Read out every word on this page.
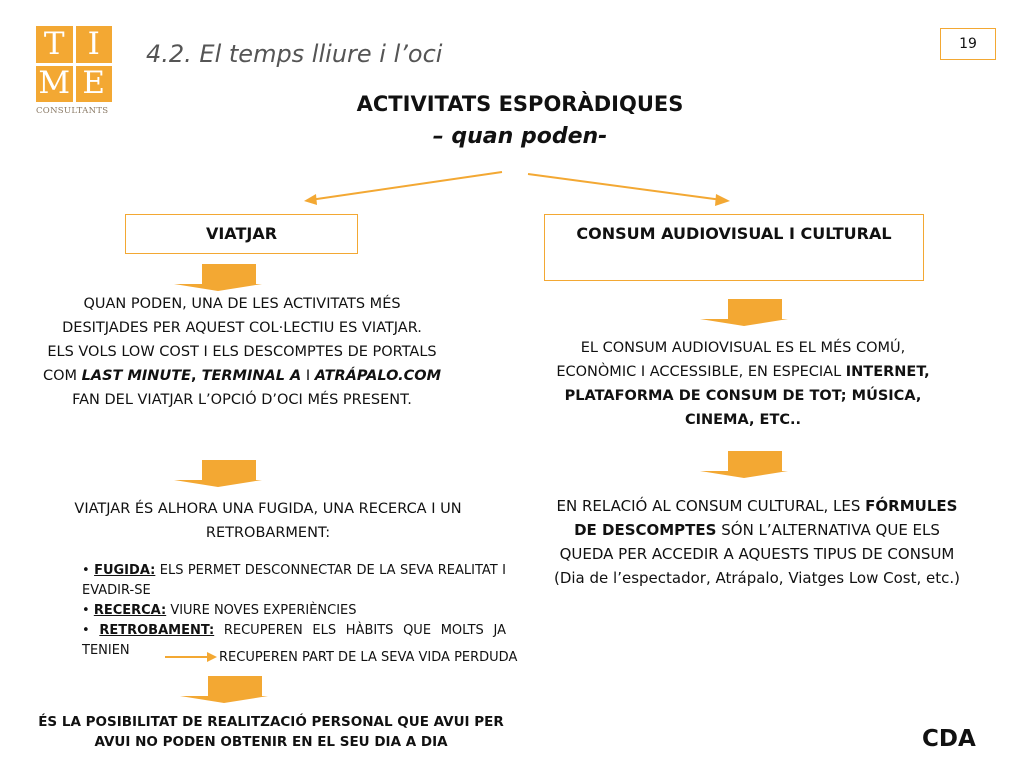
T I
M E
CONSULTANTS
4.2. El temps lliure i l’oci	19
ACTIVITATS ESPORÀDIQUES
– quan poden-
VIATJAR
QUAN PODEN, UNA DE LES ACTIVITATS MÉS DESITJADES PER AQUEST COL·LECTIU ES VIATJAR.
ELS VOLS LOW COST I ELS DESCOMPTES DE PORTALS COM LAST MINUTE, TERMINAL A I ATRÁPALO.COM FAN DEL VIATJAR L’OPCIÓ D’OCI MÉS PRESENT.
VIATJAR ÉS ALHORA UNA FUGIDA, UNA RECERCA I UN RETROBARMENT:
• FUGIDA: ELS PERMET DESCONNECTAR DE LA SEVA REALITAT I EVADIR-SE
• RECERCA: VIURE NOVES EXPERIÈNCIES
• RETROBAMENT: RECUPEREN ELS HÀBITS QUE MOLTS JA TENIEN	RECUPEREN PART DE LA SEVA VIDA PERDUDA
ÉS LA POSIBILITAT DE REALITZACIÓ PERSONAL QUE AVUI PER AVUI NO PODEN OBTENIR EN EL SEU DIA A DIA
CONSUM AUDIOVISUAL I CULTURAL
EL CONSUM AUDIOVISUAL ES EL MÉS COMÚ, ECONÒMIC I ACCESSIBLE, EN ESPECIAL INTERNET, PLATAFORMA DE CONSUM DE TOT; MÚSICA, CINEMA, ETC..
EN RELACIÓ AL CONSUM CULTURAL, LES FÓRMULES DE DESCOMPTES SÓN L’ALTERNATIVA QUE ELS QUEDA PER ACCEDIR A AQUESTS TIPUS DE CONSUM (Dia de l’espectador, Atrápalo, Viatges Low Cost, etc.)
CDA
